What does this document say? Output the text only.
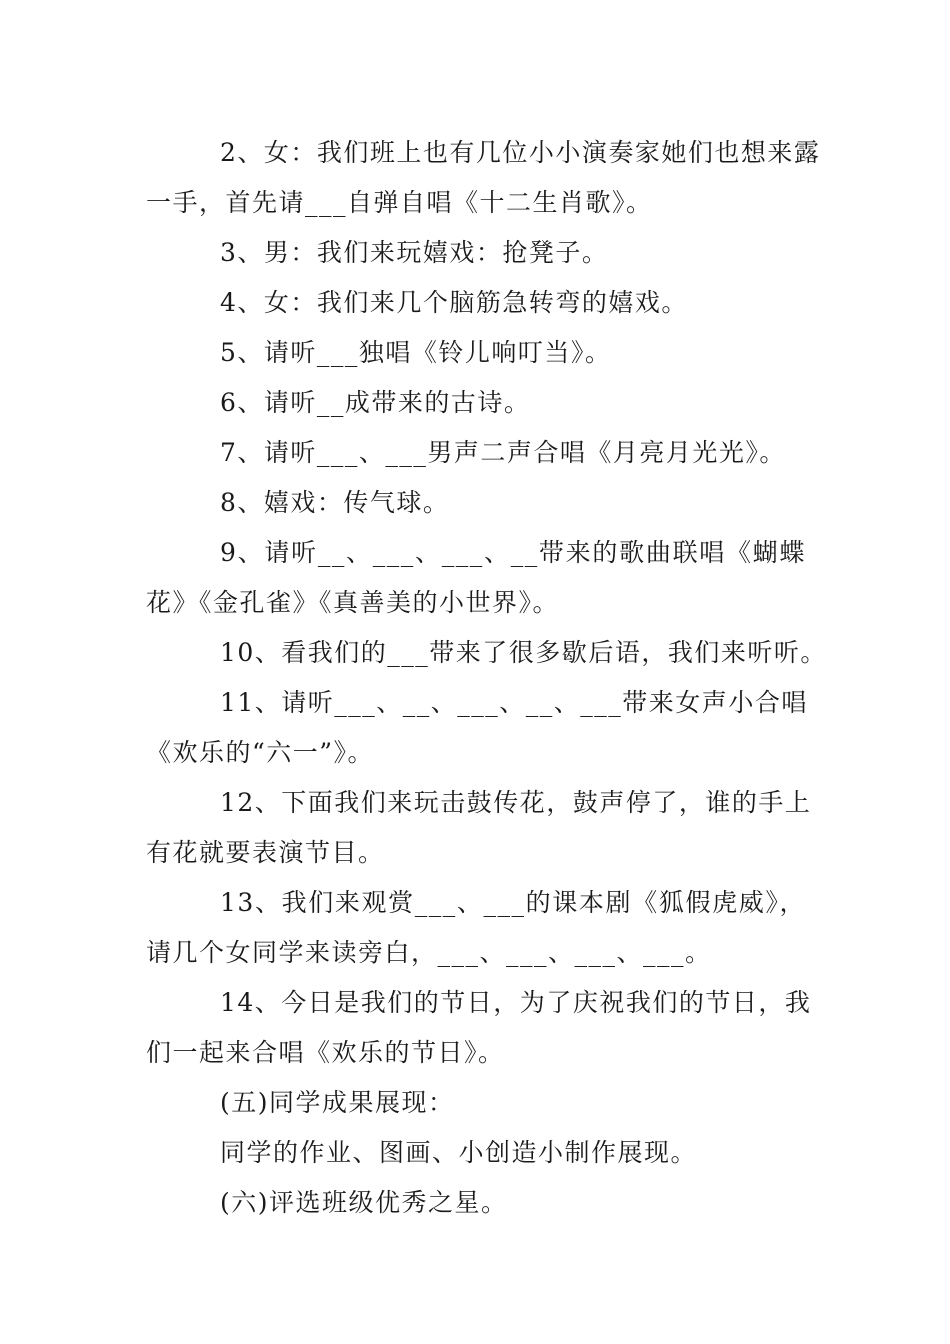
2、女：我们班上也有几位小小演奏家她们也想来露
一手，首先请___自弹自唱《十二生肖歌》。
3、男：我们来玩嬉戏：抢凳子。
4、女：我们来几个脑筋急转弯的嬉戏。
5、请听___独唱《铃儿响叮当》。
6、请听__成带来的古诗。
7、请听___、___男声二声合唱《月亮月光光》。
8、嬉戏：传气球。
9、请听__、___、___、__带来的歌曲联唱《蝴蝶
花》《金孔雀》《真善美的小世界》。
10、看我们的___带来了很多歇后语，我们来听听。
11、请听___、__、___、__、___带来女声小合唱
《欢乐的“六一”》。
12、下面我们来玩击鼓传花，鼓声停了，谁的手上
有花就要表演节目。
13、我们来观赏___、___的课本剧《狐假虎威》，
请几个女同学来读旁白，___、___、___、___。
14、今日是我们的节日，为了庆祝我们的节日，我
们一起来合唱《欢乐的节日》。
(五)同学成果展现：
同学的作业、图画、小创造小制作展现。
(六)评选班级优秀之星。
